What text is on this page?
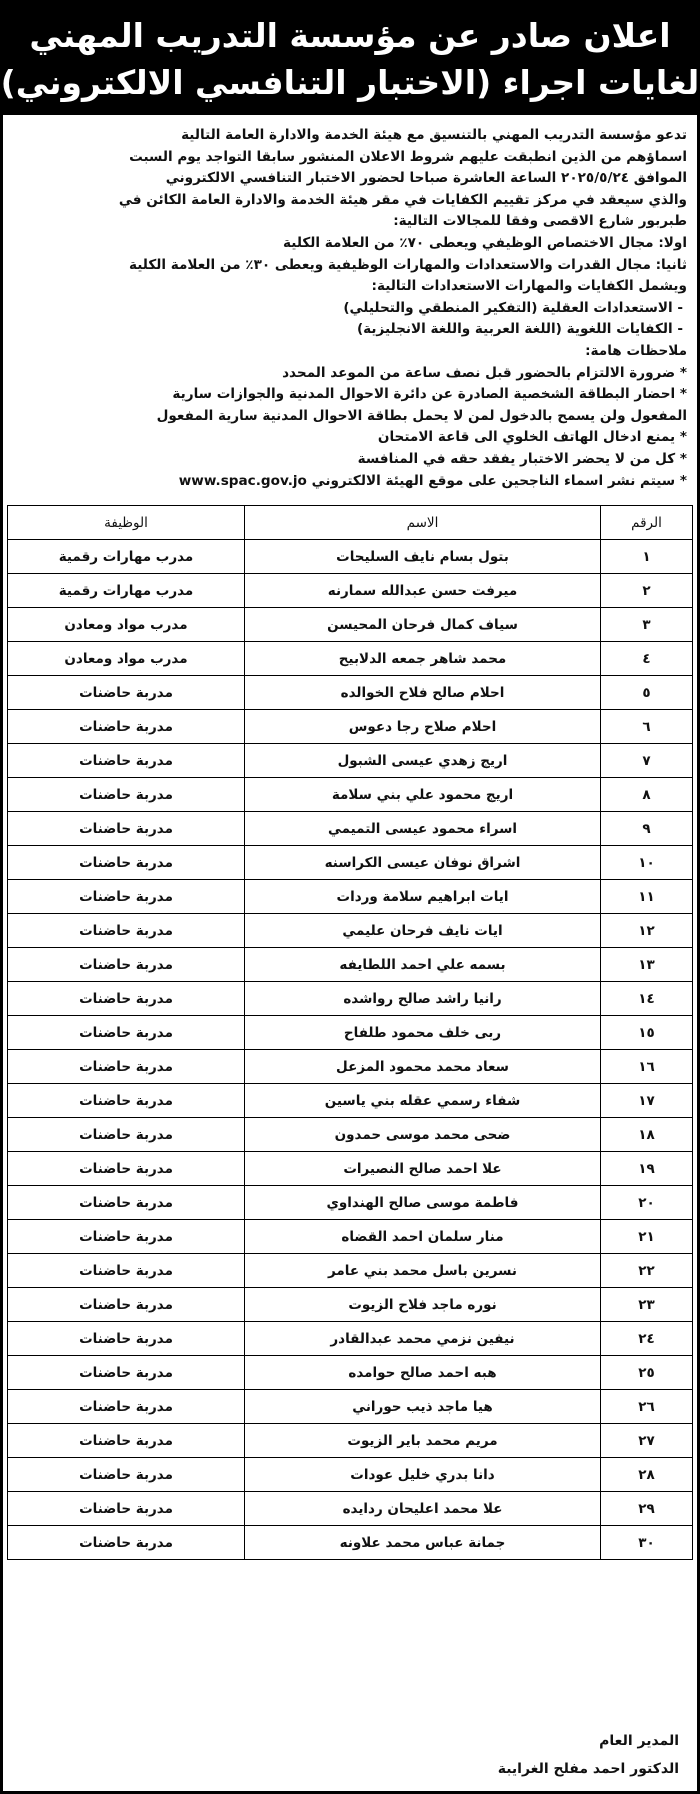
اعلان صادر عن مؤسسة التدريب المهني
لغايات اجراء (الاختبار التنافسي الالكتروني)

تدعو مؤسسة التدريب المهني بالتنسيق مع هيئة الخدمة والادارة العامة التالية

اسماؤهم من الذين انطبقت عليهم شروط الاعلان المنشور سابقا التواجد يوم السبت

الموافق ٢٠٢٥/٥/٢٤ الساعة العاشرة صباحا لحضور الاختبار التنافسي الالكتروني

والذي سيعقد في مركز تقييم الكفايات في مقر هيئة الخدمة والادارة العامة الكائن في

طبربور شارع الاقصى وفقا للمجالات التالية:

اولا: مجال الاختصاص الوظيفي ويعطى ٧٠٪ من العلامة الكلية

ثانيا: مجال القدرات والاستعدادات والمهارات الوظيفية ويعطى ٣٠٪ من العلامة الكلية

ويشمل الكفايات والمهارات الاستعدادات التالية:

- الاستعدادات العقلية (التفكير المنطقي والتحليلي)

- الكفايات اللغوية (اللغة العربية واللغة الانجليزية)

ملاحظات هامة:

* ضرورة الالتزام بالحضور قبل نصف ساعة من الموعد المحدد

* احضار البطاقة الشخصية الصادرة عن دائرة الاحوال المدنية والجوازات سارية

المفعول ولن يسمح بالدخول لمن لا يحمل بطاقة الاحوال المدنية سارية المفعول

* يمنع ادخال الهاتف الخلوي الى قاعة الامتحان

* كل من لا يحضر الاختبار يفقد حقه في المنافسة

* سيتم نشر اسماء الناجحين على موقع الهيئة الالكتروني www.spac.gov.jo

الرقم	الاسم	الوظيفة
١	بتول بسام نايف السليحات	مدرب مهارات رقمية
٢	ميرفت حسن عبدالله سمارنه	مدرب مهارات رقمية
٣	سياف كمال فرحان المحيسن	مدرب مواد ومعادن
٤	محمد شاهر جمعه الدلابيح	مدرب مواد ومعادن
٥	احلام صالح فلاح الخوالده	مدربة حاضنات
٦	احلام صلاح رجا دعوس	مدربة حاضنات
٧	اريج زهدي عيسى الشبول	مدربة حاضنات
٨	اريج محمود علي بني سلامة	مدربة حاضنات
٩	اسراء محمود عيسى التميمي	مدربة حاضنات
١٠	اشراق نوفان عيسى الكراسنه	مدربة حاضنات
١١	ايات ابراهيم سلامة وردات	مدربة حاضنات
١٢	ايات نايف فرحان عليمي	مدربة حاضنات
١٣	بسمه علي احمد اللطايفه	مدربة حاضنات
١٤	رانيا راشد صالح رواشده	مدربة حاضنات
١٥	ربى خلف محمود طلفاح	مدربة حاضنات
١٦	سعاد محمد محمود المزعل	مدربة حاضنات
١٧	شفاء رسمي عقله بني ياسين	مدربة حاضنات
١٨	ضحى محمد موسى حمدون	مدربة حاضنات
١٩	علا احمد صالح النصيرات	مدربة حاضنات
٢٠	فاطمة موسى صالح الهنداوي	مدربة حاضنات
٢١	منار سلمان احمد القضاه	مدربة حاضنات
٢٢	نسرين باسل محمد بني عامر	مدربة حاضنات
٢٣	نوره ماجد فلاح الزيوت	مدربة حاضنات
٢٤	نيفين نزمي محمد عبدالقادر	مدربة حاضنات
٢٥	هبه احمد صالح حوامده	مدربة حاضنات
٢٦	هيا ماجد ذيب حوراني	مدربة حاضنات
٢٧	مريم محمد باير الزيوت	مدربة حاضنات
٢٨	دانا بدري خليل عودات	مدربة حاضنات
٢٩	علا محمد اعليحان ردايده	مدربة حاضنات
٣٠	جمانة عباس محمد علاونه	مدربة حاضنات
المدير العام
الدكتور احمد مفلح الغرايبة
